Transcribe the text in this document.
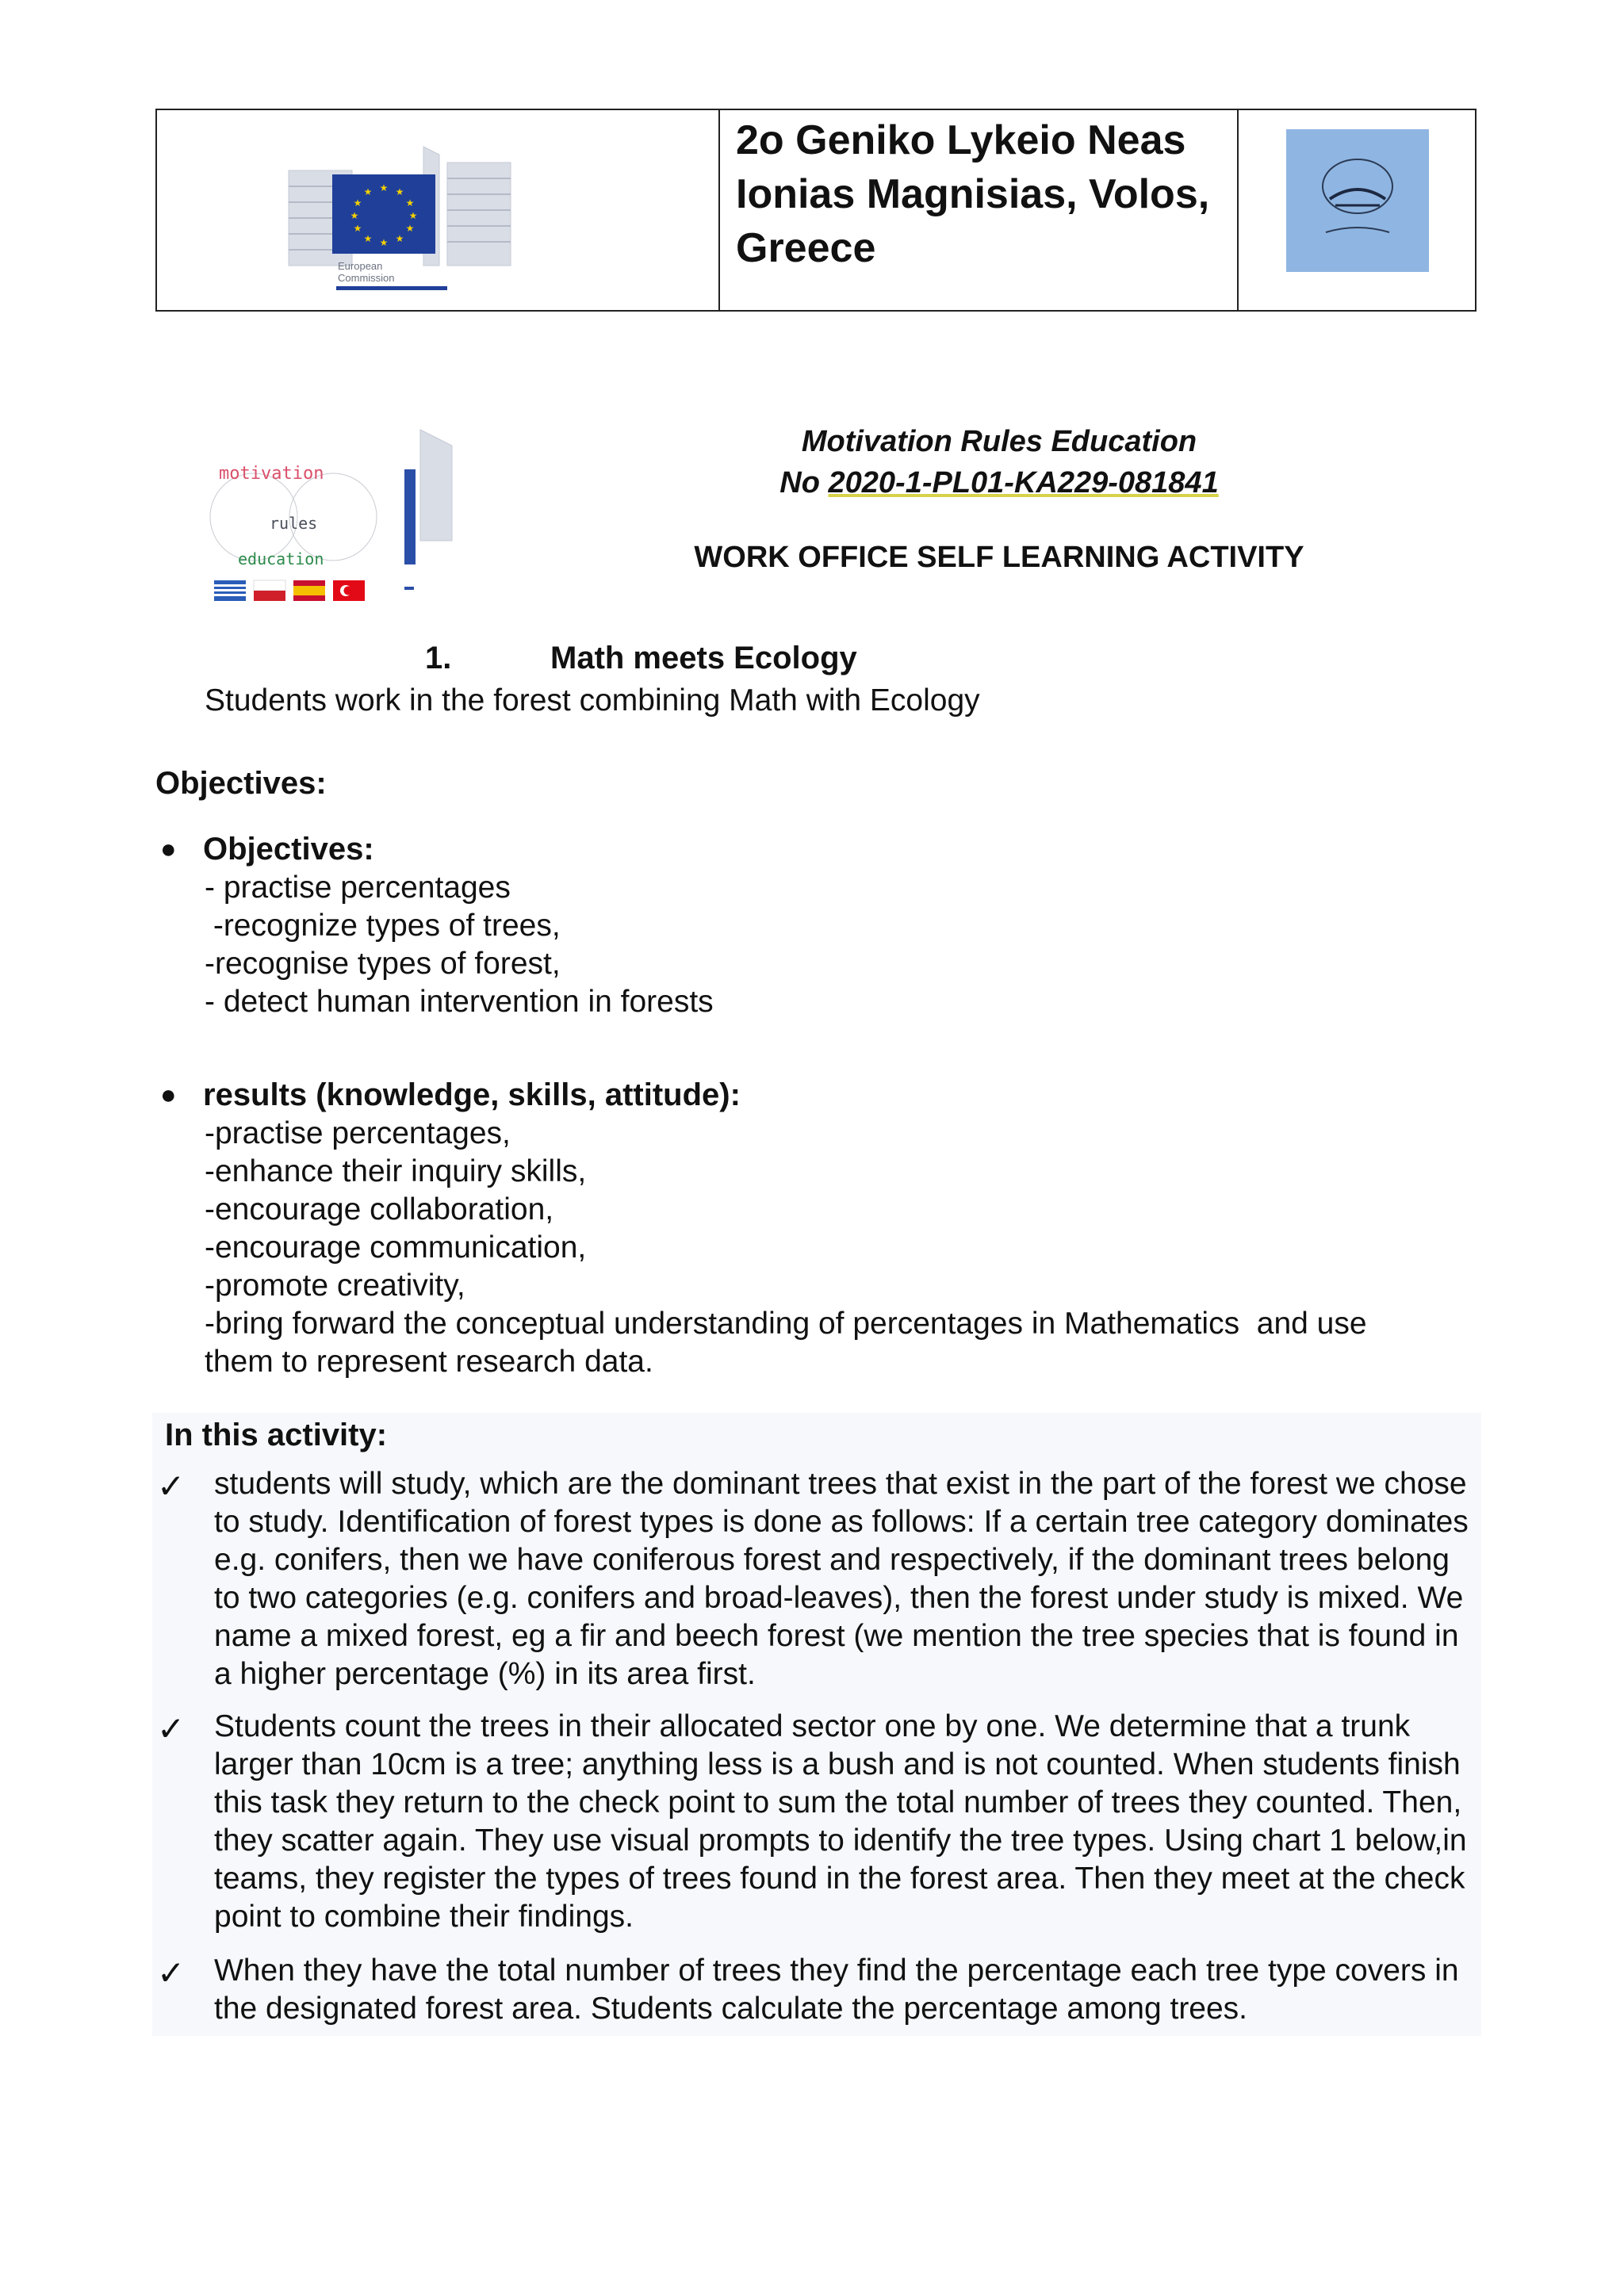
★ ★
★
★
★
★
★
★
★
★
★
★
European
Commission

2o Geniko Lykeio Neas Ionias Magnisias, Volos, Greece

motivation
rules
education

Motivation Rules Education

No 2020-1-PL01-KA229-081841

WORK OFFICE SELF LEARNING ACTIVITY

1.	Math meets Ecology

Students work in the forest combining Math with Ecology

Objectives:

● Objectives:
- practise percentages
-recognize types of trees,
-recognise types of forest,
- detect human intervention in forests
● results (knowledge, skills, attitude):
-practise percentages,
-enhance their inquiry skills,
-encourage collaboration,
-encourage communication,
-promote creativity,
-bring forward the conceptual understanding of percentages in Mathematics  and use
them to represent research data.

In this activity:

✓ students will study, which are the dominant trees that exist in the part of the forest we chose to study. Identification of forest types is done as follows: If a certain tree category dominates e.g. conifers, then we have coniferous forest and respectively, if the dominant trees belong to two categories (e.g. conifers and broad-leaves), then the forest under study is mixed. We name a mixed forest, eg a fir and beech forest (we mention the tree species that is found in a higher percentage (%) in its area first.

✓ Students count the trees in their allocated sector one by one. We determine that a trunk larger than 10cm is a tree; anything less is a bush and is not counted. When students finish this task they return to the check point to sum the total number of trees they counted. Then, they scatter again. They use visual prompts to identify the tree types. Using chart 1 below,in teams, they register the types of trees found in the forest area. Then they meet at the check point to combine their findings.

✓ When they have the total number of trees they find the percentage each tree type covers in the designated forest area. Students calculate the percentage among trees.
